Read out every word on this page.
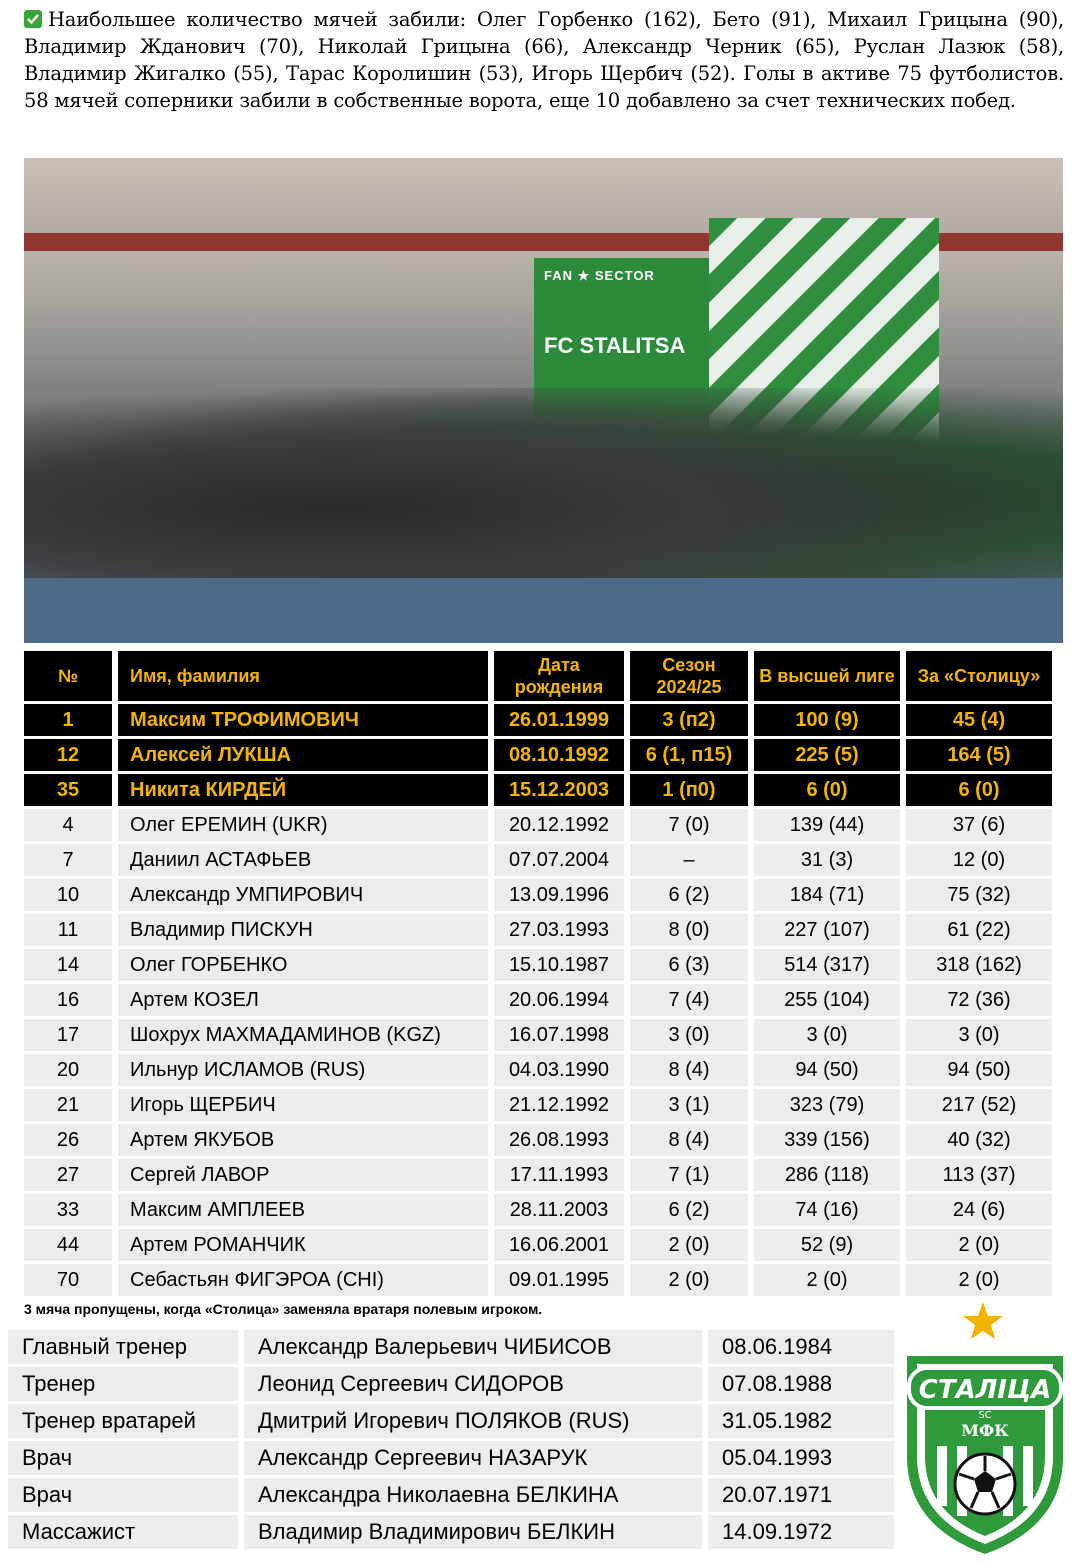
Наибольшее количество мячей забили: Олег Горбенко (162), Бето (91), Михаил Грицына (90), Владимир Жданович (70), Николай Грицына (66), Александр Черник (65), Руслан Лазюк (58), Владимир Жигалко (55), Тарас Королишин (53), Игорь Щербич (52). Голы в активе 75 футболистов. 58 мячей соперники забили в собственные ворота, еще 10 добавлено за счет технических побед.
FAN ★ SECTOR
FC STALITSA
№	Имя, фамилия	Дата рождения	Сезон 2024/25	В высшей лиге	За «Столицу»
1	Максим ТРОФИМОВИЧ	26.01.1999	3 (п2)	100 (9)	45 (4)
12	Алексей ЛУКША	08.10.1992	6 (1, п15)	225 (5)	164 (5)
35	Никита КИРДЕЙ	15.12.2003	1 (п0)	6 (0)	6 (0)
4	Олег ЕРЕМИН (UKR)	20.12.1992	7 (0)	139 (44)	37 (6)
7	Даниил АСТАФЬЕВ	07.07.2004	–	31 (3)	12 (0)
10	Александр УМПИРОВИЧ	13.09.1996	6 (2)	184 (71)	75 (32)
11	Владимир ПИСКУН	27.03.1993	8 (0)	227 (107)	61 (22)
14	Олег ГОРБЕНКО	15.10.1987	6 (3)	514 (317)	318 (162)
16	Артем КОЗЕЛ	20.06.1994	7 (4)	255 (104)	72 (36)
17	Шохрух МАХМАДАМИНОВ (KGZ)	16.07.1998	3 (0)	3 (0)	3 (0)
20	Ильнур ИСЛАМОВ (RUS)	04.03.1990	8 (4)	94 (50)	94 (50)
21	Игорь ЩЕРБИЧ	21.12.1992	3 (1)	323 (79)	217 (52)
26	Артем ЯКУБОВ	26.08.1993	8 (4)	339 (156)	40 (32)
27	Сергей ЛАВОР	17.11.1993	7 (1)	286 (118)	113 (37)
33	Максим АМПЛЕЕВ	28.11.2003	6 (2)	74 (16)	24 (6)
44	Артем РОМАНЧИК	16.06.2001	2 (0)	52 (9)	2 (0)
70	Себастьян ФИГЭРОА (CHI)	09.01.1995	2 (0)	2 (0)	2 (0)
3 мяча пропущены, когда «Столица» заменяла вратаря полевым игроком.
Главный тренер	Александр Валерьевич ЧИБИСОВ	08.06.1984
Тренер	Леонид Сергеевич СИДОРОВ	07.08.1988
Тренер вратарей	Дмитрий Игоревич ПОЛЯКОВ (RUS)	31.05.1982
Врач	Александр Сергеевич НАЗАРУК	05.04.1993
Врач	Александра Николаевна БЕЛКИНА	20.07.1971
Массажист	Владимир Владимирович БЕЛКИН	14.09.1972
СТАЛIЦА
SC
МФК
